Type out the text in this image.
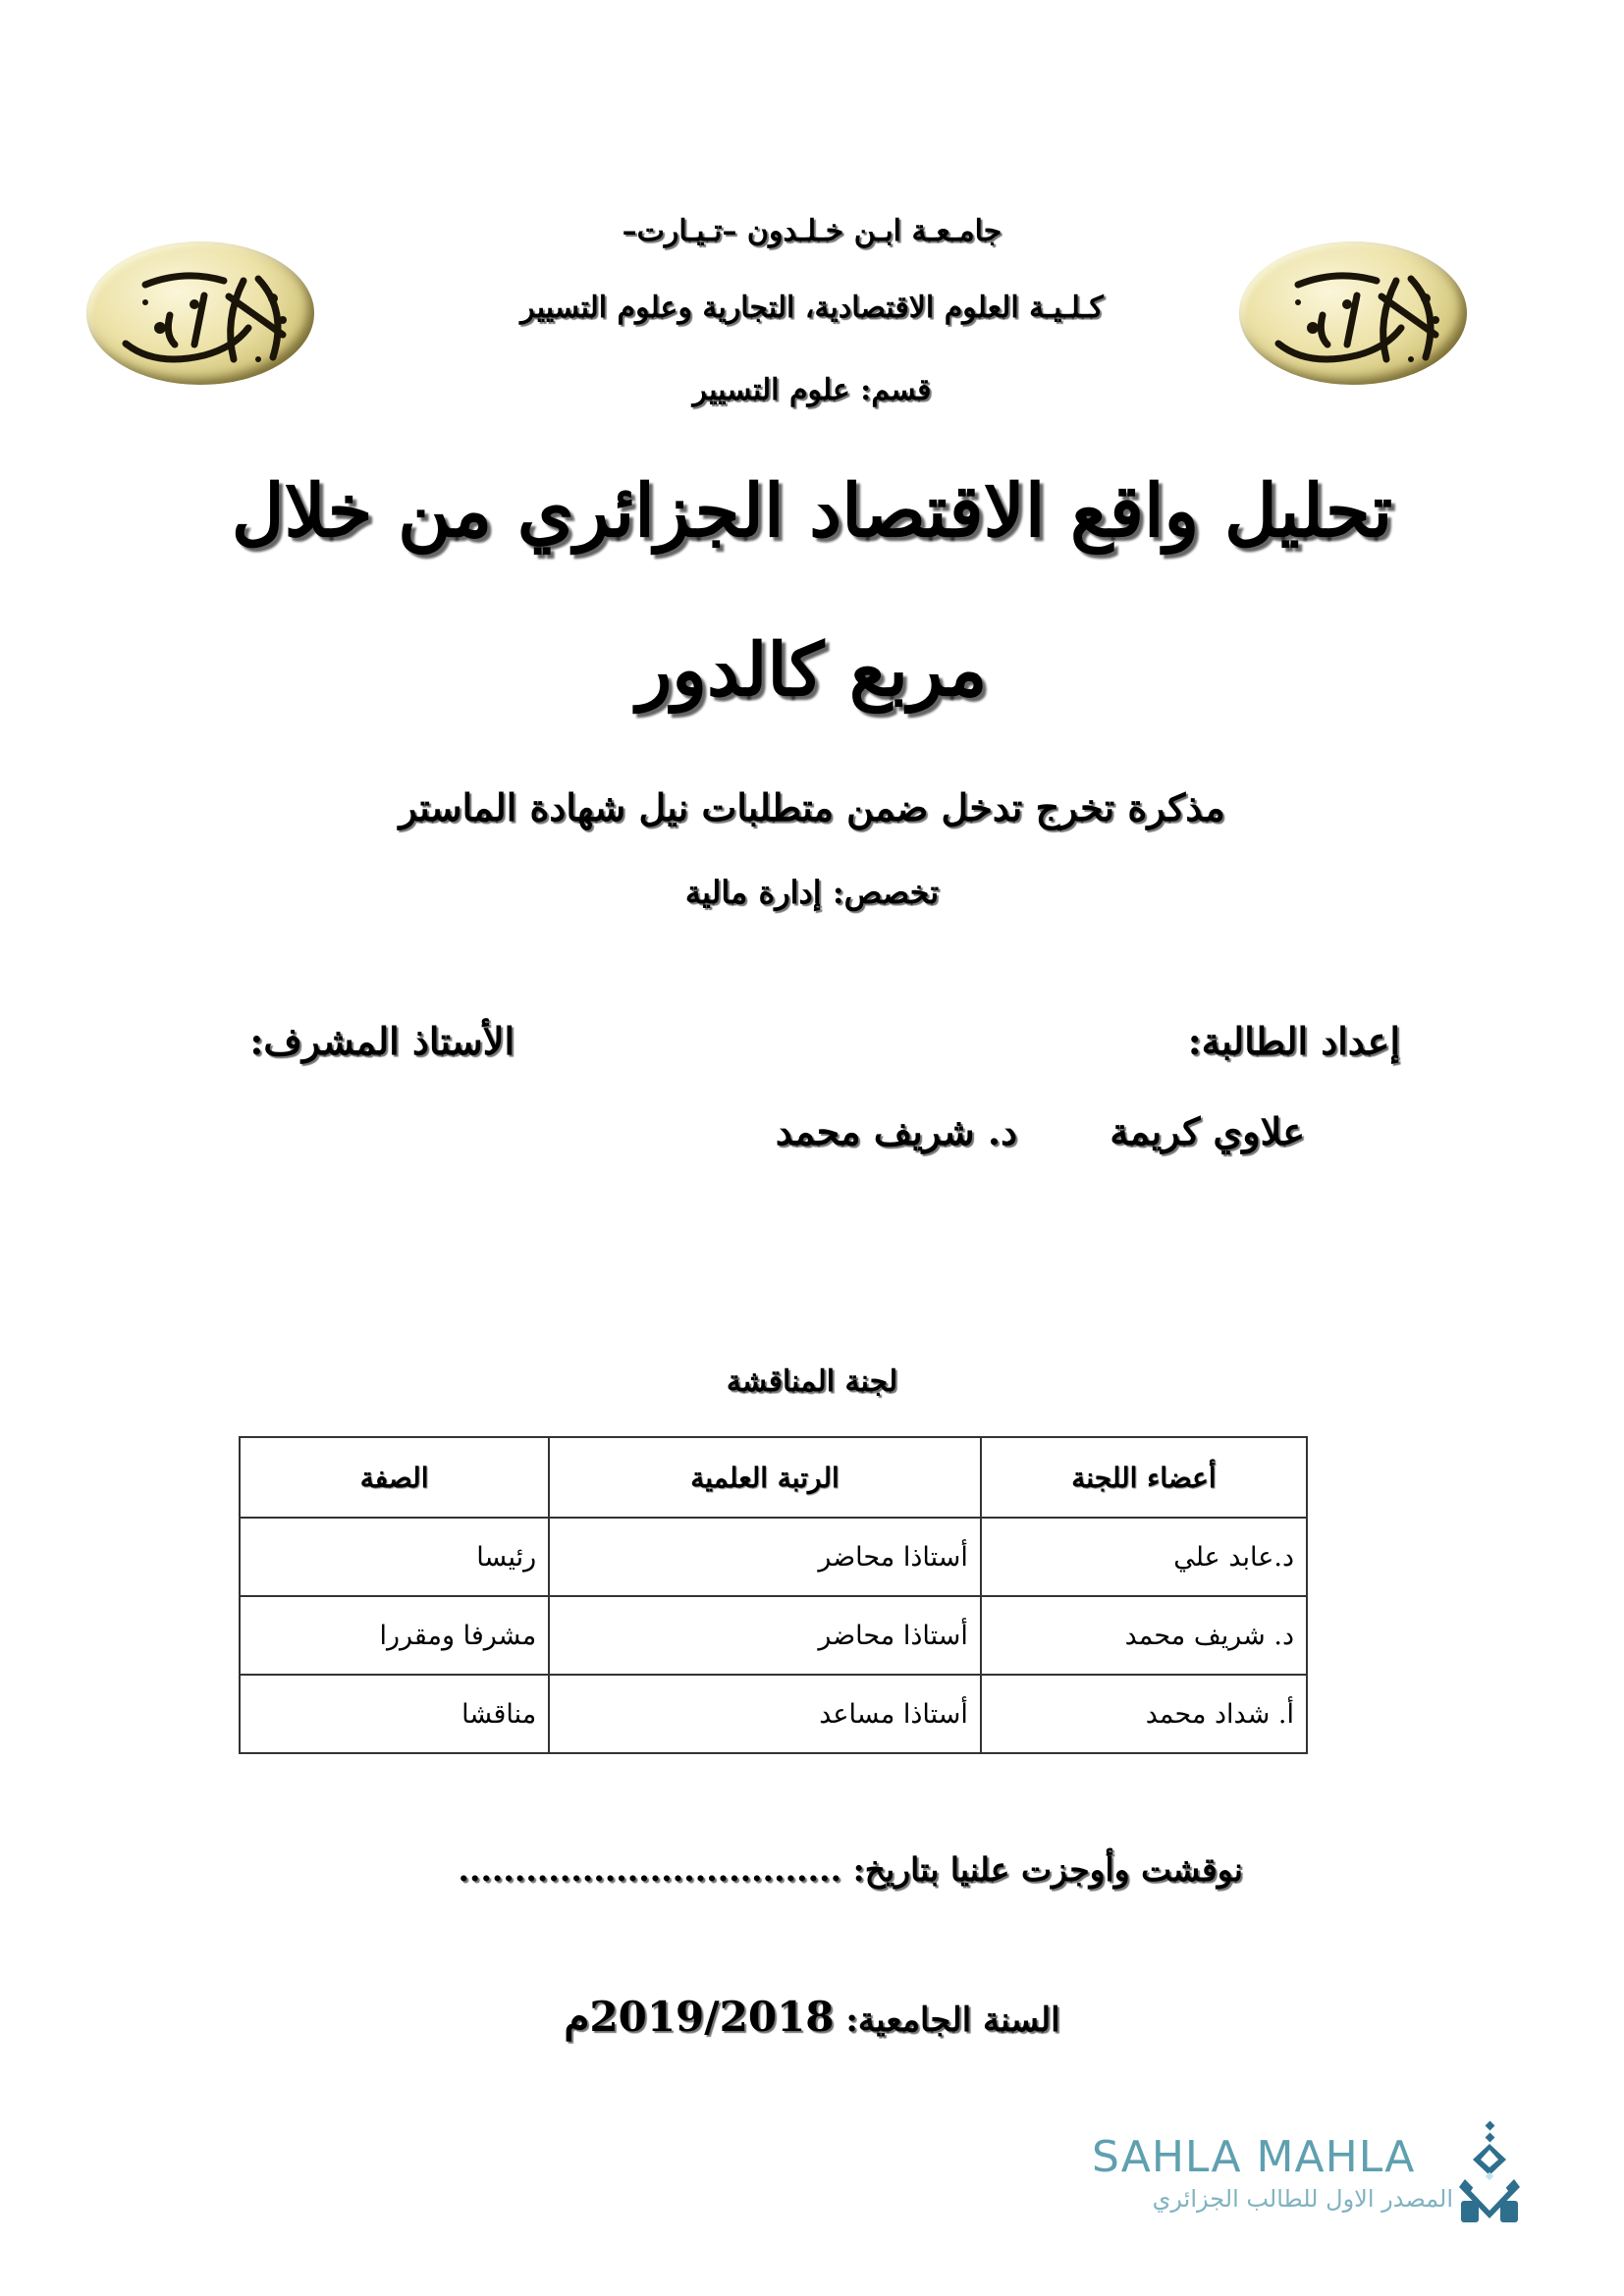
جامـعـة ابـن خـلـدون –تـيـارت–
كـلـيـة العلوم الاقتصادية، التجارية وعلوم التسيير
قسم: علوم التسيير
تحليل واقع الاقتصاد الجزائري من خلال
مربع كالدور
مذكرة تخرج تدخل ضمن متطلبات نيل شهادة الماستر
تخصص: إدارة مالية
إعداد الطالبة:
الأستاذ المشرف:
علاوي كريمة
د. شريف محمد
لجنة المناقشة
أعضاء اللجنة	الرتبة العلمية	الصفة
د.عابد علي	أستاذا محاضر	رئيسا
د. شريف محمد	أستاذا محاضر	مشرفا ومقررا
أ. شداد محمد	أستاذا مساعد	مناقشا
نوقشت وأوجزت علنيا بتاريخ: ..................................
السنة الجامعية: 2019/2018م
SAHLA MAHLA
المصدر الاول للطالب الجزائري
